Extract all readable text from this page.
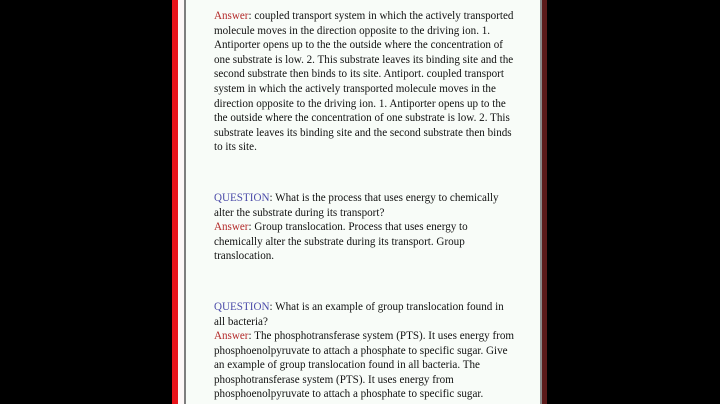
Answer: coupled transport system in which the actively transported molecule moves in the direction opposite to the driving ion. 1. Antiporter opens up to the the outside where the concentration of one substrate is low. 2. This substrate leaves its binding site and the second substrate then binds to its site. Antiport. coupled transport system in which the actively transported molecule moves in the direction opposite to the driving ion. 1. Antiporter opens up to the the outside where the concentration of one substrate is low. 2. This substrate leaves its binding site and the second substrate then binds to its site.

QUESTION: What is the process that uses energy to chemically alter the substrate during its transport?

Answer: Group translocation. Process that uses energy to chemically alter the substrate during its transport. Group translocation.

QUESTION: What is an example of group translocation found in all bacteria?

Answer: The phosphotransferase system (PTS). It uses energy from phosphoenolpyruvate to attach a phosphate to specific sugar. Give an example of group translocation found in all bacteria. The phosphotransferase system (PTS). It uses energy from phosphoenolpyruvate to attach a phosphate to specific sugar.
